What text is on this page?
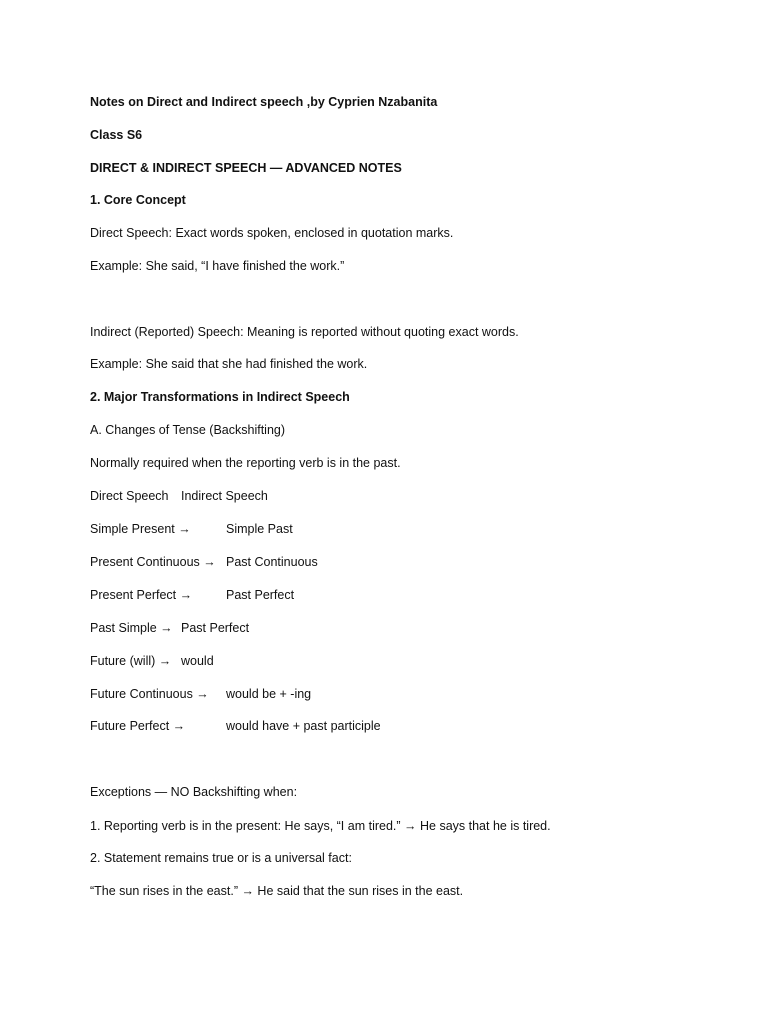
Notes on Direct and Indirect speech ,by Cyprien Nzabanita
Class S6
DIRECT & INDIRECT SPEECH — ADVANCED NOTES
1. Core Concept
Direct Speech: Exact words spoken, enclosed in quotation marks.
Example: She said, “I have finished the work.”
Indirect (Reported) Speech: Meaning is reported without quoting exact words.
Example: She said that she had finished the work.
2. Major Transformations in Indirect Speech
A. Changes of Tense (Backshifting)
Normally required when the reporting verb is in the past.
Direct Speech Indirect Speech
Simple Present →	Simple Past
Present Continuous → Past Continuous
Present Perfect →	Past Perfect
Past Simple → Past Perfect
Future (will) → would
Future Continuous → would be + -ing
Future Perfect →	would have + past participle
Exceptions — NO Backshifting when:
1. Reporting verb is in the present: He says, “I am tired.” → He says that he is tired.
2. Statement remains true or is a universal fact:
“The sun rises in the east.” → He said that the sun rises in the east.
